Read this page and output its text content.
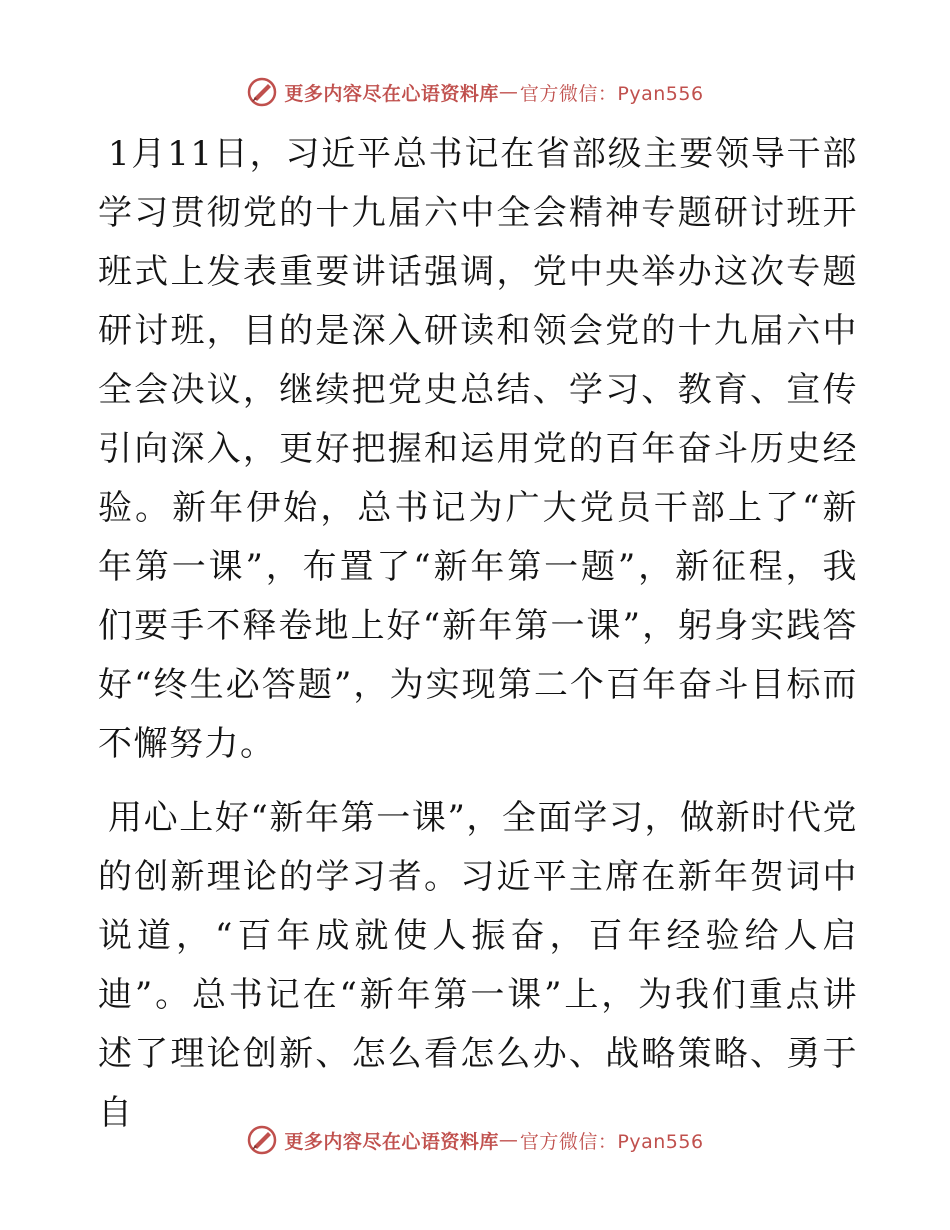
更多内容尽在心语资料库 — 官方微信：Pyan556

1月11日，习近平总书记在省部级主要领导干部学习贯彻党的十九届六中全会精神专题研讨班开班式上发表重要讲话强调，党中央举办这次专题研讨班，目的是深入研读和领会党的十九届六中全会决议，继续把党史总结、学习、教育、宣传引向深入，更好把握和运用党的百年奋斗历史经验。新年伊始，总书记为广大党员干部上了“新年第一课”，布置了“新年第一题”，新征程，我们要手不释卷地上好“新年第一课”，躬身实践答好“终生必答题”，为实现第二个百年奋斗目标而不懈努力。

用心上好“新年第一课”，全面学习，做新时代党的创新理论的学习者。习近平主席在新年贺词中说道，“百年成就使人振奋，百年经验给人启迪”。总书记在“新年第一课”上，为我们重点讲述了理论创新、怎么看怎么办、战略策略、勇于自

更多内容尽在心语资料库 — 官方微信：Pyan556
